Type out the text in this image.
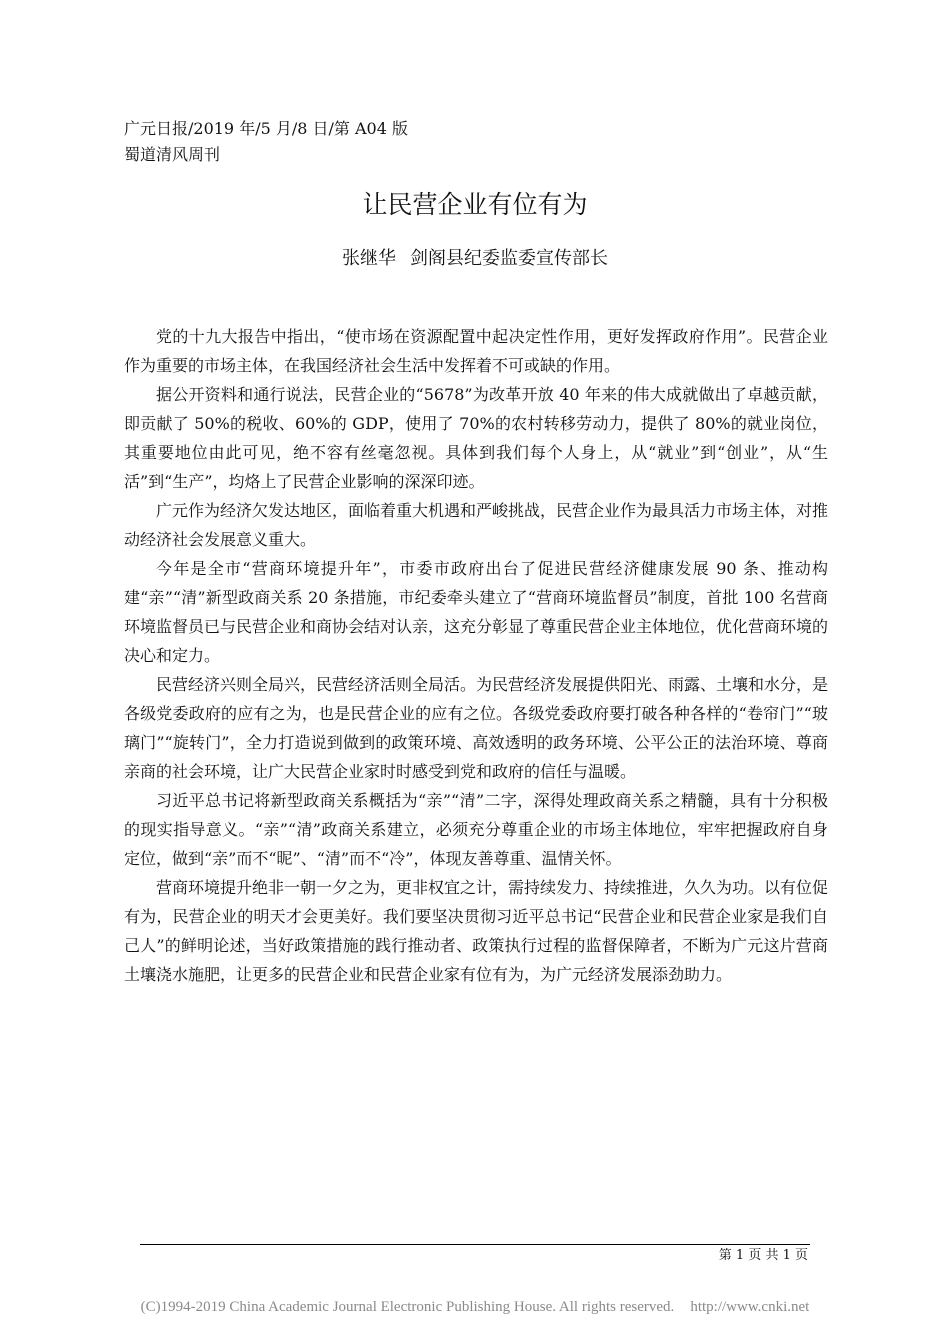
广元日报/2019 年/5 月/8 日/第 A04 版
蜀道清风周刊
让民营企业有位有为
张继华 剑阁县纪委监委宣传部长

党的十九大报告中指出，“使市场在资源配置中起决定性作用，更好发挥政府作用”。民营企业作为重要的市场主体，在我国经济社会生活中发挥着不可或缺的作用。

据公开资料和通行说法，民营企业的“5678”为改革开放 40 年来的伟大成就做出了卓越贡献，即贡献了 50%的税收、60%的 GDP，使用了 70%的农村转移劳动力，提供了 80%的就业岗位，其重要地位由此可见，绝不容有丝毫忽视。具体到我们每个人身上，从“就业”到“创业”，从“生活”到“生产”，均烙上了民营企业影响的深深印迹。

广元作为经济欠发达地区，面临着重大机遇和严峻挑战，民营企业作为最具活力市场主体，对推动经济社会发展意义重大。

今年是全市“营商环境提升年”，市委市政府出台了促进民营经济健康发展 90 条、推动构建“亲”“清”新型政商关系 20 条措施，市纪委牵头建立了“营商环境监督员”制度，首批 100 名营商环境监督员已与民营企业和商协会结对认亲，这充分彰显了尊重民营企业主体地位，优化营商环境的决心和定力。

民营经济兴则全局兴，民营经济活则全局活。为民营经济发展提供阳光、雨露、土壤和水分，是各级党委政府的应有之为，也是民营企业的应有之位。各级党委政府要打破各种各样的“卷帘门”“玻璃门”“旋转门”，全力打造说到做到的政策环境、高效透明的政务环境、公平公正的法治环境、尊商亲商的社会环境，让广大民营企业家时时感受到党和政府的信任与温暖。

习近平总书记将新型政商关系概括为“亲”“清”二字，深得处理政商关系之精髓，具有十分积极的现实指导意义。“亲”“清”政商关系建立，必须充分尊重企业的市场主体地位，牢牢把握政府自身定位，做到“亲”而不“昵”、“清”而不“冷”，体现友善尊重、温情关怀。

营商环境提升绝非一朝一夕之为，更非权宜之计，需持续发力、持续推进，久久为功。以有位促有为，民营企业的明天才会更美好。我们要坚决贯彻习近平总书记“民营企业和民营企业家是我们自己人”的鲜明论述，当好政策措施的践行推动者、政策执行过程的监督保障者，不断为广元这片营商土壤浇水施肥，让更多的民营企业和民营企业家有位有为，为广元经济发展添劲助力。

第 1 页 共 1 页
(C)1994-2019 China Academic Journal Electronic Publishing House. All rights reserved. http://www.cnki.net
